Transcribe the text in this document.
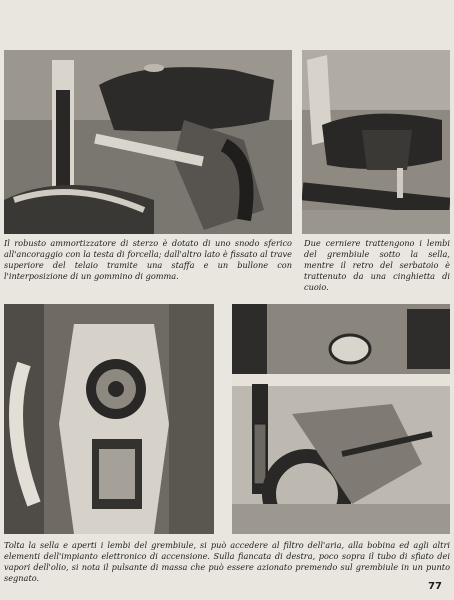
Il robusto ammortizzatore di sterzo è dotato di uno snodo sferico all'ancoraggio con la testa di forcella; dall'altro lato è fissato al trave superiore del telaio tramite una staffa e un bullone con l'interposizione di un gommino di gomma.

Due cerniere trattengono i lembi del grembiule sotto la sella, mentre il retro del serbatoio è trattenuto da una cinghietta di cuoio.

Tolta la sella e aperti i lembi del grembiule, si può accedere al filtro dell'aria, alla bobina ed agli altri elementi dell'impianto elettronico di accensione. Sulla fiancata di destra, poco sopra il tubo di sfiato dei vapori dell'olio, si nota il pulsante di massa che può essere azionato premendo sul grembiule in un punto segnato.

77
